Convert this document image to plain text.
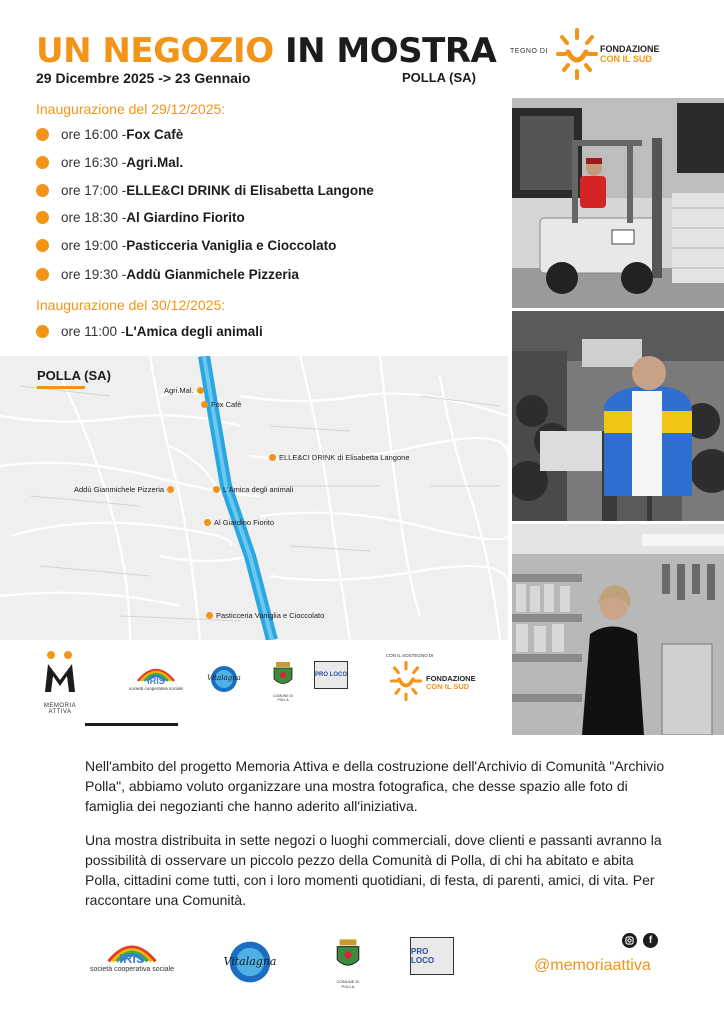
UN NEGOZIO IN MOSTRA
29 Dicembre 2025 -> 23 Gennaio	POLLA (SA)
TEGNO DI	FONDAZIONE
CON IL SUD
Inaugurazione del 29/12/2025:
ore 16:00 - Fox Cafè
ore 16:30 - Agri.Mal.
ore 17:00 - ELLE&CI DRINK di Elisabetta Langone
ore 18:30 - Al Giardino Fiorito
ore 19:00 - Pasticceria Vaniglia e Cioccolato
ore 19:30 - Addù Gianmichele Pizzeria
Inaugurazione del 30/12/2025:
ore 11:00 - L'Amica degli animali
POLLA (SA)
Agri.Mal.
Fox Cafè
ELLE&CI DRINK di Elisabetta Langone
Addù Gianmichele Pizzeria	L'Amica degli animali
Al Giardino Fiorito
Pasticceria Vaniglia e Cioccolato
MEMORIA ATTIVA
IRIS
società cooperativa sociale
Vitalagna
COMUNE DI POLLA
PRO LOCO
CON IL SOSTEGNO DI
FONDAZIONE
CON IL SUD

Nell'ambito del progetto Memoria Attiva e della costruzione dell'Archivio di Comunità "Archivio Polla", abbiamo voluto organizzare una mostra fotografica, che desse spazio alle foto di famiglia dei negozianti che hanno aderito all'iniziativa.

Una mostra distribuita in sette negozi o luoghi commerciali, dove clienti e passanti avranno la possibilità di osservare un piccolo pezzo della Comunità di Polla, di chi ha abitato e abita Polla, cittadini come tutti, con i loro momenti quotidiani, di festa, di parenti, amici, di vita. Per raccontare una Comunità.

IRIS
società cooperativa sociale
Vitalagna
COMUNE DI POLLA
PRO LOCO
f
@memoriaattiva
